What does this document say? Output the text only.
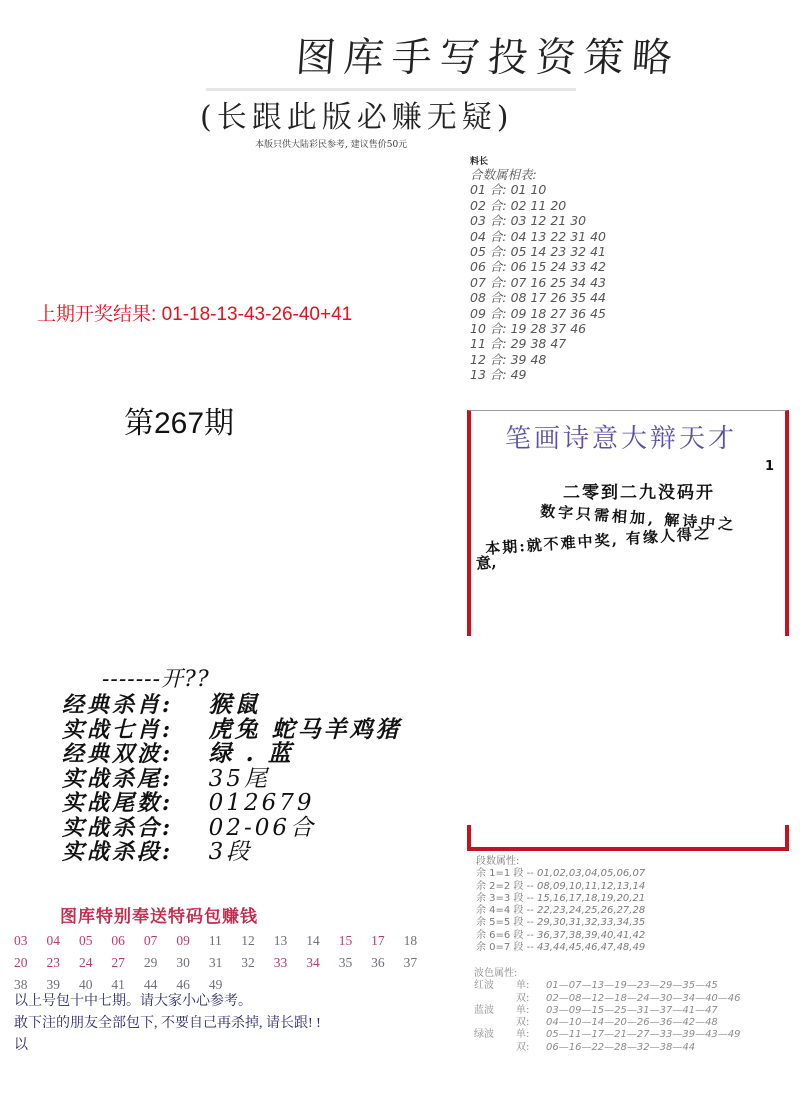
图库手写投资策略
(长跟此版必赚无疑)
本版只供大陆彩民参考, 建议售价50元
料长
合数属相表:
01 合: 01 10
02 合: 02 11 20
03 合: 03 12 21 30
04 合: 04 13 22 31 40
05 合: 05 14 23 32 41
06 合: 06 15 24 33 42
07 合: 07 16 25 34 43
08 合: 08 17 26 35 44
09 合: 09 18 27 36 45
10 合: 19 28 37 46
11 合: 29 38 47
12 合: 39 48
13 合: 49
上期开奖结果: 01-18-13-43-26-40+41
第267期	笔画诗意大辩天才
1
二零到二九没码开
数字只需相加, 解诗中之
本期:就不难中奖, 有缘人得之
意,
-------开??
经典杀肖: 猴鼠
实战七肖: 虎兔 蛇马羊鸡猪
经典双波: 绿 . 蓝
实战杀尾: 35尾
实战尾数: 012679
实战杀合: 02-06合
实战杀段: 3段
图库特别奉送特码包赚钱
03 04 05 06 07 09 11 12 13 14 15 17 18 20 23 24 27 29 30 31 32 33 34 35 36 37 38 39 40 41 44 46 49
以上号包十中七期。请大家小心参考。
敢下注的朋友全部包下, 不要自己再杀掉, 请长跟! !
以
段数属性:
余 1=1 段 -- 01,02,03,04,05,06,07
余 2=2 段 -- 08,09,10,11,12,13,14
余 3=3 段 -- 15,16,17,18,19,20,21
余 4=4 段 -- 22,23,24,25,26,27,28
余 5=5 段 -- 29,30,31,32,33,34,35
余 6=6 段 -- 36,37,38,39,40,41,42
余 0=7 段 -- 43,44,45,46,47,48,49
波色属性:
红波 单: 01—07—13—19—23—29—35—45
双: 02—08—12—18—24—30—34—40—46
蓝波 单: 03—09—15—25—31—37—41—47
双: 04—10—14—20—26—36—42—48
绿波 单: 05—11—17—21—27—33—39—43—49
双: 06—16—22—28—32—38—44
